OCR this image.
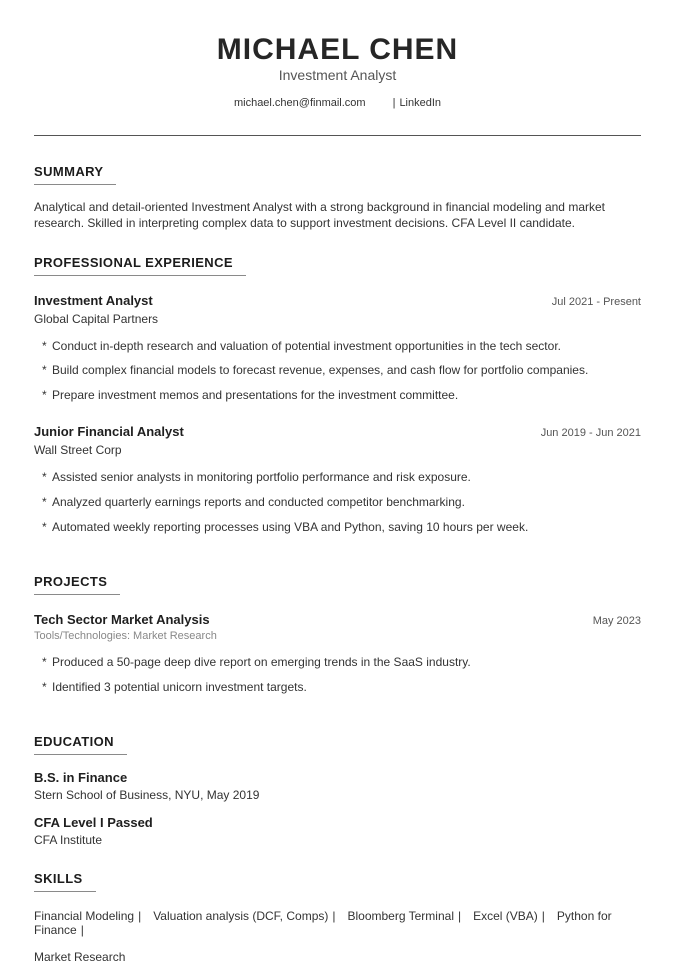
MICHAEL CHEN
Investment Analyst
michael.chen@finmail.com | LinkedIn
SUMMARY

Analytical and detail-oriented Investment Analyst with a strong background in financial modeling and market research. Skilled in interpreting complex data to support investment decisions. CFA Level II candidate.

PROFESSIONAL EXPERIENCE
Investment Analyst	Jul 2021 - Present
Global Capital Partners
* Conduct in-depth research and valuation of potential investment opportunities in the tech sector.
* Build complex financial models to forecast revenue, expenses, and cash flow for portfolio companies.
* Prepare investment memos and presentations for the investment committee.
Junior Financial Analyst	Jun 2019 - Jun 2021
Wall Street Corp
* Assisted senior analysts in monitoring portfolio performance and risk exposure.
* Analyzed quarterly earnings reports and conducted competitor benchmarking.
* Automated weekly reporting processes using VBA and Python, saving 10 hours per week.
PROJECTS
Tech Sector Market Analysis	May 2023
Tools/Technologies: Market Research
* Produced a 50-page deep dive report on emerging trends in the SaaS industry.
* Identified 3 potential unicorn investment targets.
EDUCATION
B.S. in Finance
Stern School of Business, NYU, May 2019
CFA Level I Passed
CFA Institute
SKILLS
Financial Modeling | Valuation analysis (DCF, Comps) | Bloomberg Terminal | Excel (VBA) | Python for Finance |
Market Research
